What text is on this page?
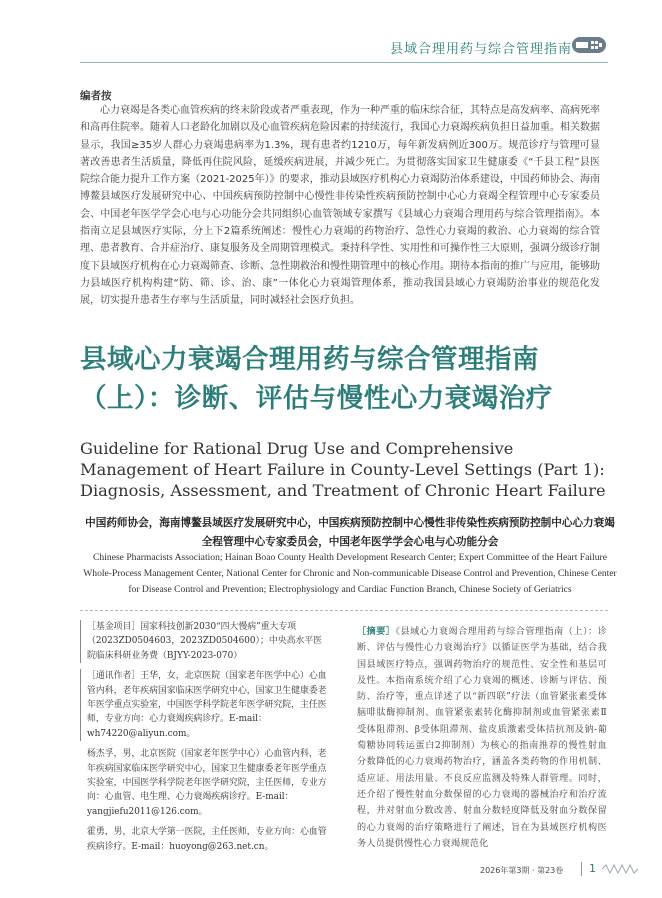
县域合理用药与综合管理指南
编者按
心力衰竭是各类心血管疾病的终末阶段或者严重表现，作为一种严重的临床综合征，其特点是高发病率、高病死率和高再住院率。随着人口老龄化加剧以及心血管疾病危险因素的持续流行，我国心力衰竭疾病负担日益加重。相关数据显示，我国≥35岁人群心力衰竭患病率为1.3%，现有患者约1210万，每年新发病例近300万。规范诊疗与管理可显著改善患者生活质量，降低再住院风险，延缓疾病进展，并减少死亡。为贯彻落实国家卫生健康委《“千县工程”县医院综合能力提升工作方案（2021-2025年）》的要求，推动县域医疗机构心力衰竭防治体系建设，中国药师协会、海南博鳌县域医疗发展研究中心、中国疾病预防控制中心慢性非传染性疾病预防控制中心心力衰竭全程管理中心专家委员会、中国老年医学学会心电与心功能分会共同组织心血管领域专家撰写《县域心力衰竭合理用药与综合管理指南》。本指南立足县域医疗实际，分上下2篇系统阐述：慢性心力衰竭的药物治疗、急性心力衰竭的救治、心力衰竭的综合管理、患者教育、合并症治疗、康复服务及全周期管理模式。秉持科学性、实用性和可操作性三大原则，强调分级诊疗制度下县域医疗机构在心力衰竭筛查、诊断、急性期救治和慢性期管理中的核心作用。期待本指南的推广与应用，能够助力县域医疗机构构建“防、筛、诊、治、康”一体化心力衰竭管理体系，推动我国县域心力衰竭防治事业的规范化发展，切实提升患者生存率与生活质量，同时减轻社会医疗负担。
县域心力衰竭合理用药与综合管理指南（上）：诊断、评估与慢性心力衰竭治疗
Guideline for Rational Drug Use and Comprehensive Management of Heart Failure in County-Level Settings (Part 1): Diagnosis, Assessment, and Treatment of Chronic Heart Failure
中国药师协会，海南博鳌县域医疗发展研究中心，中国疾病预防控制中心慢性非传染性疾病预防控制中心心力衰竭全程管理中心专家委员会，中国老年医学学会心电与心功能分会
Chinese Pharmacists Association; Hainan Boao County Health Development Research Center; Expert Committee of the Heart Failure Whole-Process Management Center, National Center for Chronic and Non-communicable Disease Control and Prevention, Chinese Center for Disease Control and Prevention; Electrophysiology and Cardiac Function Branch, Chinese Society of Geriatrics

［基金项目］国家科技创新2030“四大慢病”重大专项（2023ZD0504603，2023ZD0504600）；中央高水平医院临床科研业务费（BJYY-2023-070）

［通讯作者］王华，女，北京医院（国家老年医学中心）心血管内科，老年疾病国家临床医学研究中心，国家卫生健康委老年医学重点实验室，中国医学科学院老年医学研究院，主任医师，专业方向：心力衰竭疾病诊疗。E-mail：wh74220@aliyun.com。

杨杰孚，男，北京医院（国家老年医学中心）心血管内科，老年疾病国家临床医学研究中心，国家卫生健康委老年医学重点实验室，中国医学科学院老年医学研究院，主任医师，专业方向：心血管、电生理、心力衰竭疾病诊疗。E-mail：yangjiefu2011@126.com。

霍勇，男，北京大学第一医院，主任医师，专业方向：心血管疾病诊疗。E-mail：huoyong@263.net.cn。

［摘要］《县域心力衰竭合理用药与综合管理指南（上）：诊断、评估与慢性心力衰竭治疗》以循证医学为基础，结合我国县域医疗特点，强调药物治疗的规范性、安全性和基层可及性。本指南系统介绍了心力衰竭的概述、诊断与评估、预防、治疗等，重点详述了以“新四联”疗法（血管紧张素受体脑啡肽酶抑制剂、血管紧张素转化酶抑制剂或血管紧张素Ⅱ受体阻滞剂、β受体阻滞剂、盐皮质激素受体拮抗剂及钠-葡萄糖协同转运蛋白2抑制剂）为核心的指南推荐的慢性射血分数降低的心力衰竭药物治疗，涵盖各类药物的作用机制、适应证、用法用量、不良反应监测及特殊人群管理。同时，还介绍了慢性射血分数保留的心力衰竭的器械治疗和治疗流程，并对射血分数改善、射血分数轻度降低及射血分数保留的心力衰竭的治疗策略进行了阐述，旨在为县域医疗机构医务人员提供慢性心力衰竭规范化
2026年第3期 · 第23卷 1
